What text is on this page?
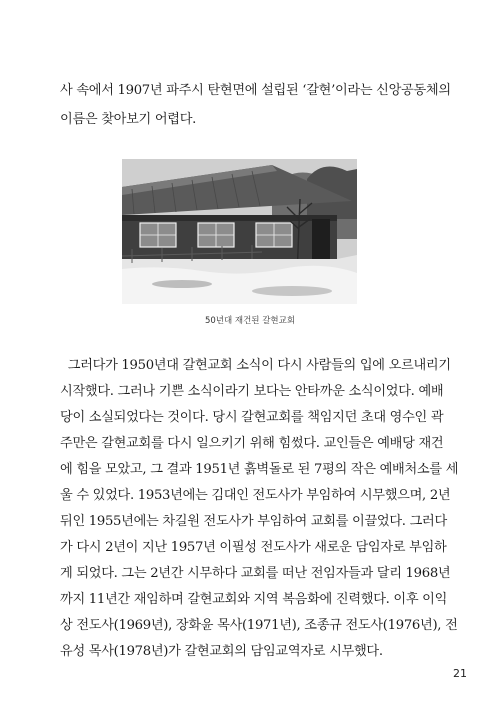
사 속에서 1907년 파주시 탄현면에 설립된 ‘갈현’이라는 신앙공동체의
이름은 찾아보기 어렵다.
50년대 재건된 갈현교회
그러다가 1950년대 갈현교회 소식이 다시 사람들의 입에 오르내리기
시작했다. 그러나 기쁜 소식이라기 보다는 안타까운 소식이었다. 예배
당이 소실되었다는 것이다. 당시 갈현교회를 책임지던 초대 영수인 곽
주만은 갈현교회를 다시 일으키기 위해 힘썼다. 교인들은 예배당 재건
에 힘을 모았고, 그 결과 1951년 흙벽돌로 된 7평의 작은 예배처소를 세
울 수 있었다. 1953년에는 김대인 전도사가 부임하여 시무했으며, 2년
뒤인 1955년에는 차길원 전도사가 부임하여 교회를 이끌었다. 그러다
가 다시 2년이 지난 1957년 이필성 전도사가 새로운 담임자로 부임하
게 되었다. 그는 2년간 시무하다 교회를 떠난 전임자들과 달리 1968년
까지 11년간 재임하며 갈현교회와 지역 복음화에 진력했다. 이후 이익
상 전도사(1969년), 장화윤 목사(1971년), 조종규 전도사(1976년), 전
유성 목사(1978년)가 갈현교회의 담임교역자로 시무했다.
21
